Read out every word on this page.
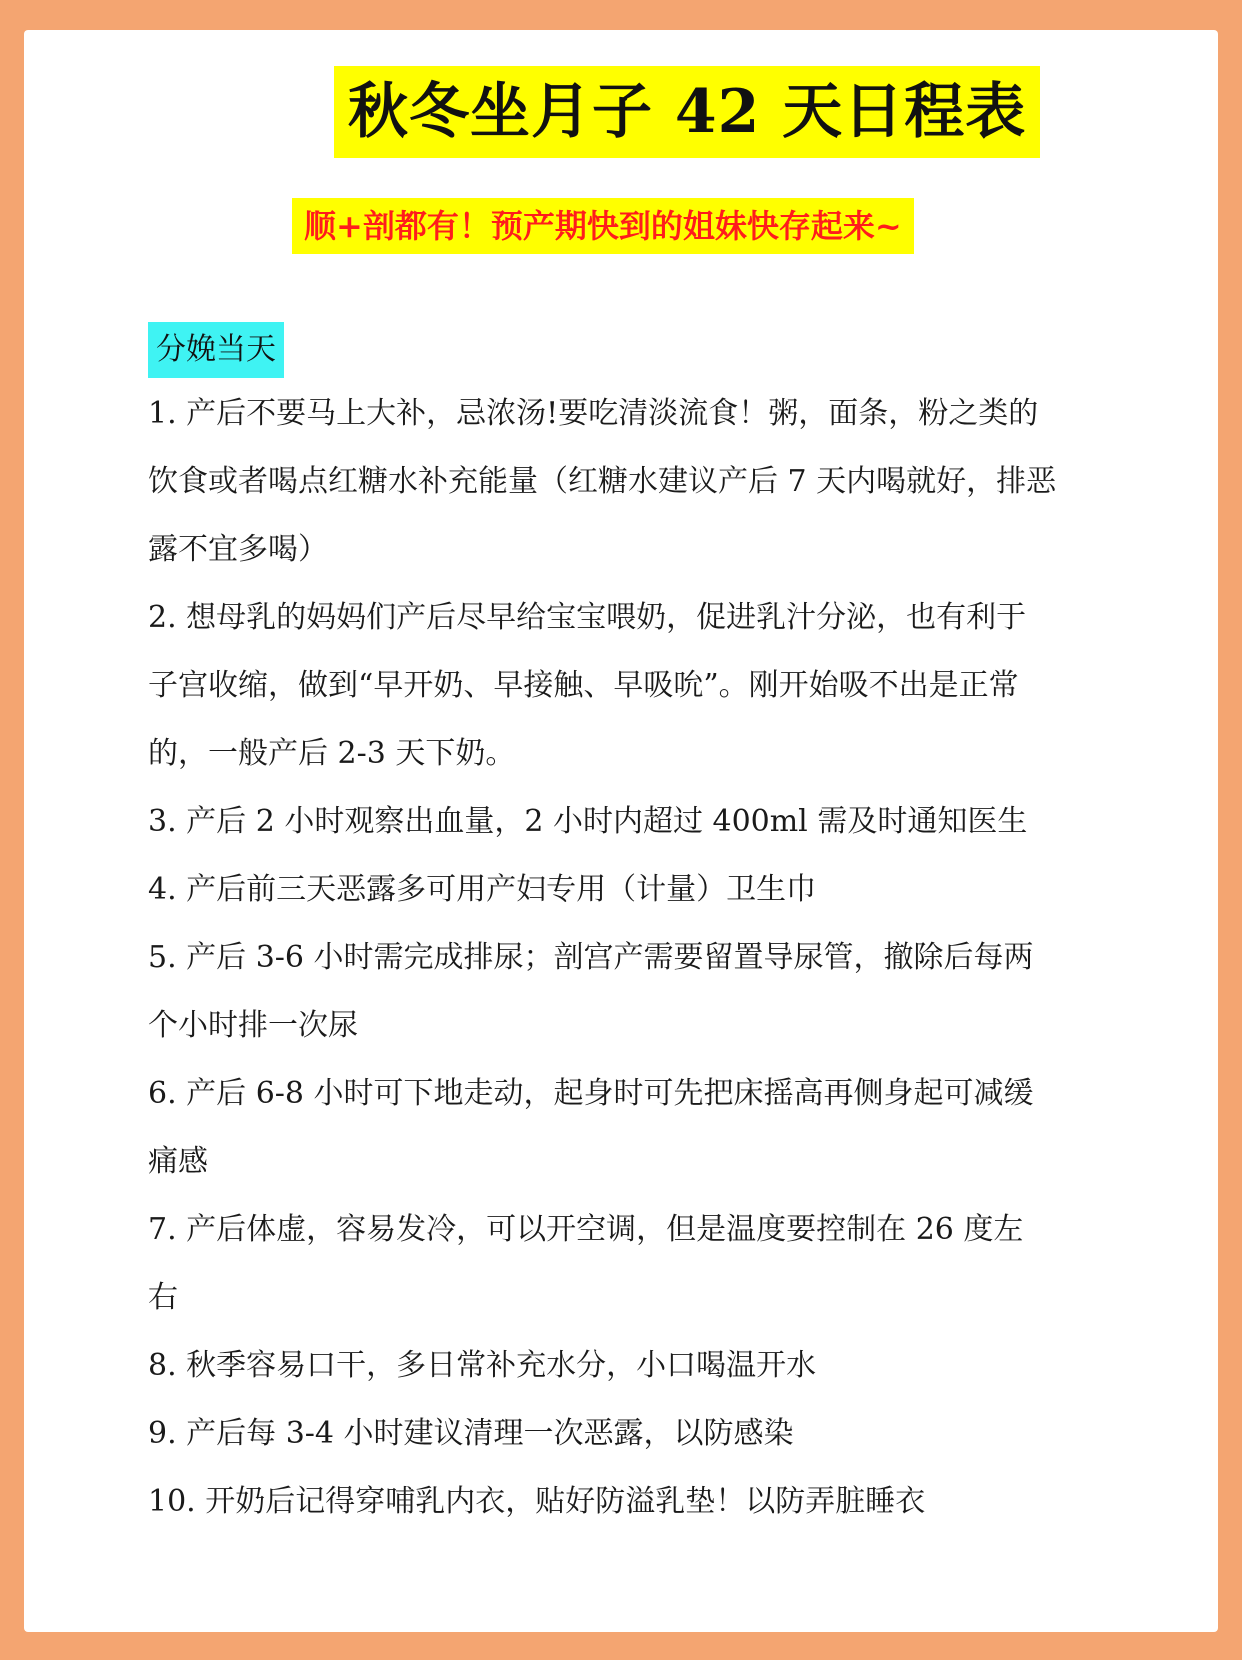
秋冬坐月子 42 天日程表
顺+剖都有！预产期快到的姐妹快存起来~
分娩当天
1. 产后不要马上大补，忌浓汤!要吃清淡流食！粥，面条，粉之类的
饮食或者喝点红糖水补充能量（红糖水建议产后 7 天内喝就好，排恶
露不宜多喝）
2. 想母乳的妈妈们产后尽早给宝宝喂奶，促进乳汁分泌，也有利于
子宫收缩，做到“早开奶、早接触、早吸吮”。刚开始吸不出是正常
的，一般产后 2-3 天下奶。
3. 产后 2 小时观察出血量，2 小时内超过 400ml 需及时通知医生
4. 产后前三天恶露多可用产妇专用（计量）卫生巾
5. 产后 3-6 小时需完成排尿；剖宫产需要留置导尿管，撤除后每两
个小时排一次尿
6. 产后 6-8 小时可下地走动，起身时可先把床摇高再侧身起可减缓
痛感
7. 产后体虚，容易发冷，可以开空调，但是温度要控制在 26 度左
右
8. 秋季容易口干，多日常补充水分，小口喝温开水
9. 产后每 3-4 小时建议清理一次恶露，以防感染
10. 开奶后记得穿哺乳内衣，贴好防溢乳垫！以防弄脏睡衣
